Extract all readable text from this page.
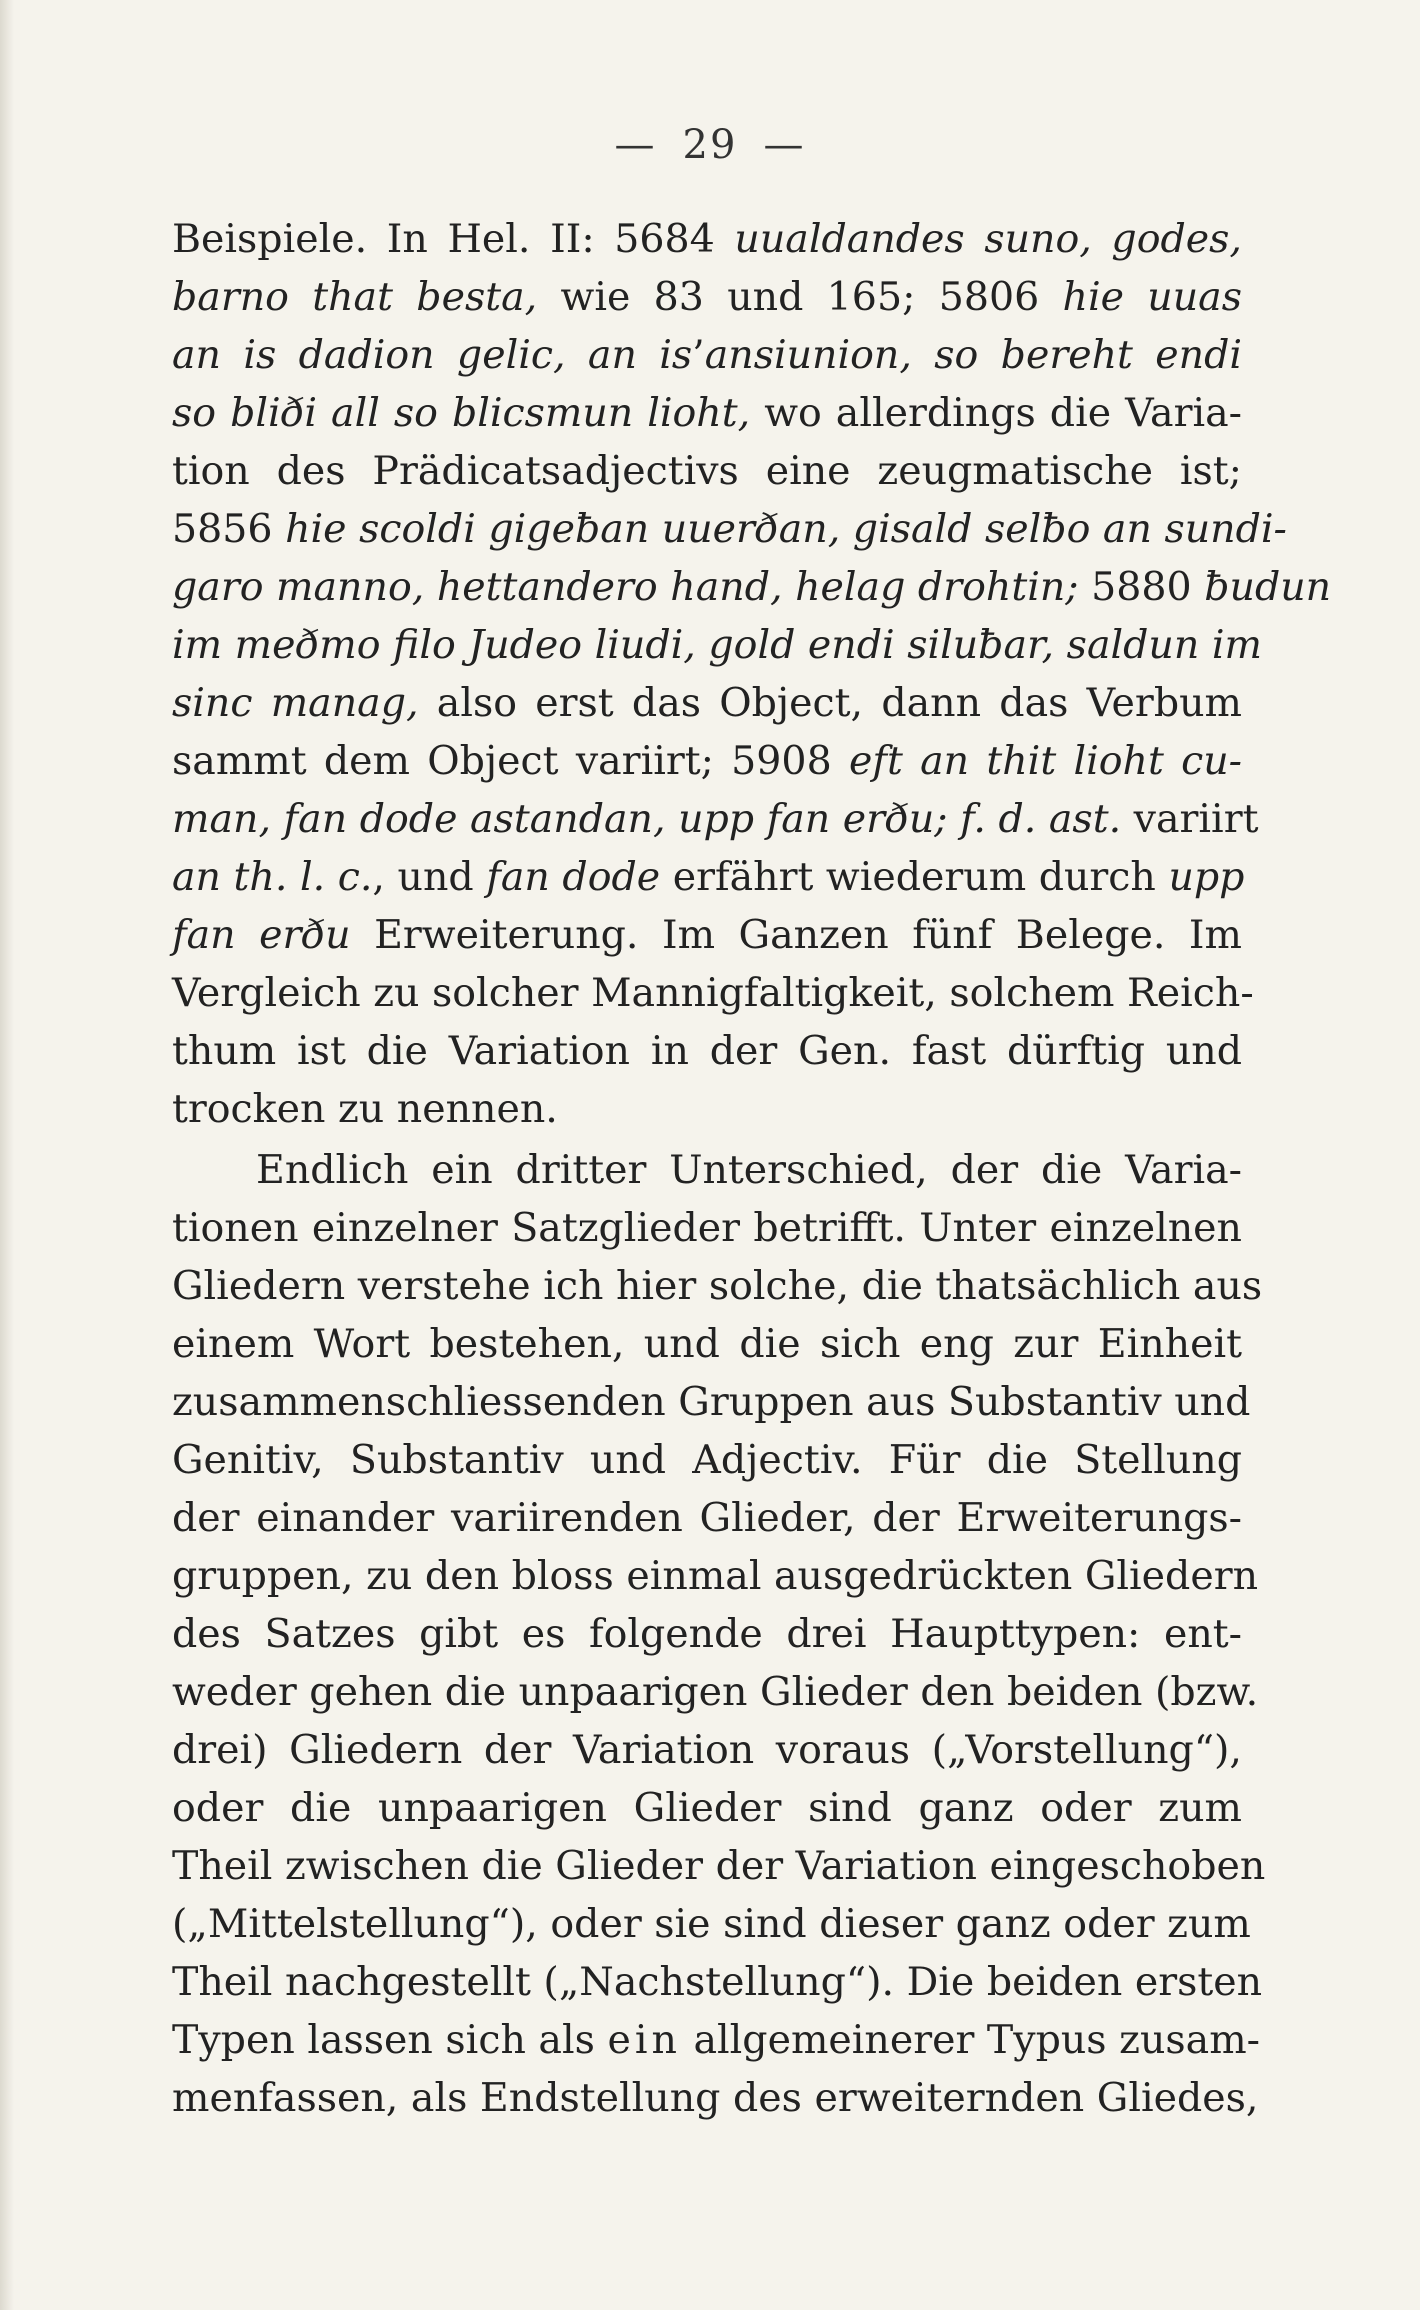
— 29 —
Beispiele. In Hel. II: 5684 uualdandes suno, godes,
barno that besta, wie 83 und 165; 5806 hie uuas
an is dadion gelic, an is’ansiunion, so bereht endi
so bliði all so blicsmun lioht, wo allerdings die Varia-
tion des Prädicatsadjectivs eine zeugmatische ist;
5856 hie scoldi gigeƀan uuerðan, gisald selƀo an sundi-
garo manno, hettandero hand, helag drohtin; 5880 ƀudun
im meðmo filo Judeo liudi, gold endi siluƀar, saldun im
sinc manag, also erst das Object, dann das Verbum
sammt dem Object variirt; 5908 eft an thit lioht cu-
man, fan dode astandan, upp fan erðu; f. d. ast. variirt
an th. l. c., und fan dode erfährt wiederum durch upp
fan erðu Erweiterung. Im Ganzen fünf Belege. Im
Vergleich zu solcher Mannigfaltigkeit, solchem Reich-
thum ist die Variation in der Gen. fast dürftig und
trocken zu nennen.
Endlich ein dritter Unterschied, der die Varia-
tionen einzelner Satzglieder betrifft. Unter einzelnen
Gliedern verstehe ich hier solche, die thatsächlich aus
einem Wort bestehen, und die sich eng zur Einheit
zusammenschliessenden Gruppen aus Substantiv und
Genitiv, Substantiv und Adjectiv. Für die Stellung
der einander variirenden Glieder, der Erweiterungs-
gruppen, zu den bloss einmal ausgedrückten Gliedern
des Satzes gibt es folgende drei Haupttypen: ent-
weder gehen die unpaarigen Glieder den beiden (bzw.
drei) Gliedern der Variation voraus („Vorstellung“),
oder die unpaarigen Glieder sind ganz oder zum
Theil zwischen die Glieder der Variation eingeschoben
(„Mittelstellung“), oder sie sind dieser ganz oder zum
Theil nachgestellt („Nachstellung“). Die beiden ersten
Typen lassen sich als ein allgemeinerer Typus zusam-
menfassen, als Endstellung des erweiternden Gliedes,
